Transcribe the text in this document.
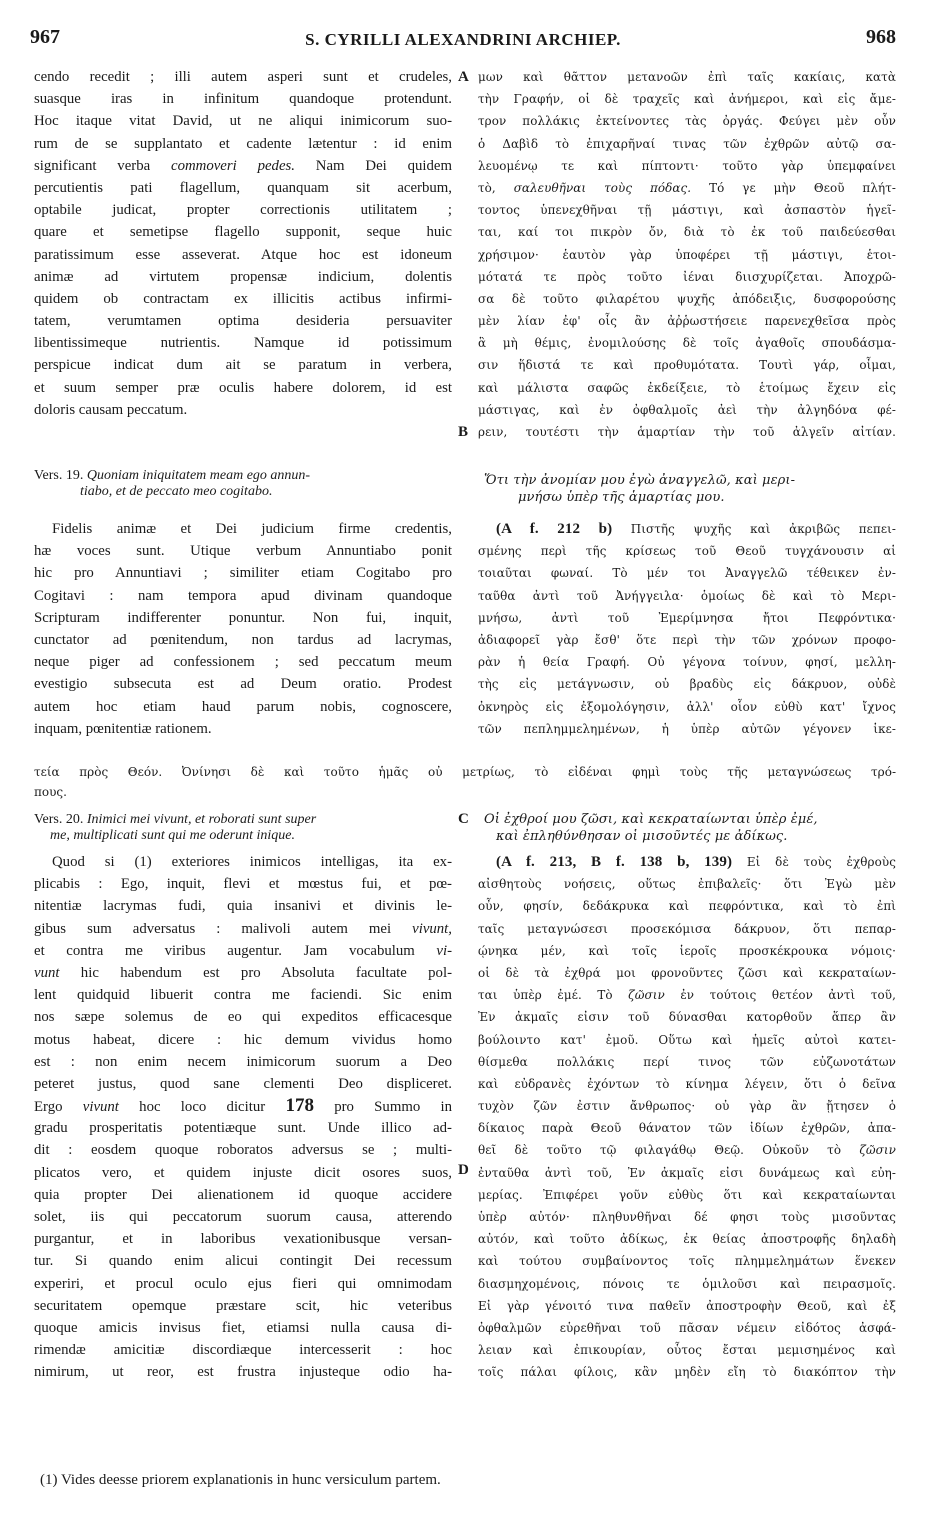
967	S. CYRILLI ALEXANDRINI ARCHIEP.	968
A
B
C
D
cendo recedit ; illi autem asperi sunt et crudeles,
suasque iras in infinitum quandoque protendunt.
Hoc itaque vitat David, ut ne aliqui inimicorum suo-
rum de se supplantato et cadente lætentur : id enim
significant verba commoveri pedes. Nam Dei quidem
percutientis pati flagellum, quanquam sit acerbum,
optabile judicat, propter correctionis utilitatem ;
quare et semetipse flagello supponit, seque huic
paratissimum esse asseverat. Atque hoc est idoneum
animæ ad virtutem propensæ indicium, dolentis
quidem ob contractam ex illicitis actibus infirmi-
tatem, verumtamen optima desideria persuaviter
libentissimeque nutrientis. Namque id potissimum
perspicue indicat dum ait se paratum in verbera,
et suum semper præ oculis habere dolorem, id est
doloris causam peccatum.
Vers. 19. Quoniam iniquitatem meam ego annun-
tiabo, et de peccato meo cogitabo.
Fidelis animæ et Dei judicium firme credentis,
hæ voces sunt. Utique verbum Annuntiabo ponit
hic pro Annuntiavi ; similiter etiam Cogitabo pro
Cogitavi : nam tempora apud divinam quandoque
Scripturam indifferenter ponuntur. Non fui, inquit,
cunctator ad pœnitendum, non tardus ad lacrymas,
neque piger ad confessionem ; sed peccatum meum
evestigio subsecuta est ad Deum oratio. Prodest
autem hoc etiam haud parum nobis, cognoscere,
inquam, pœnitentiæ rationem.
τεία πρὸς Θεόν. Ὀνίνησι δὲ καὶ τοῦτο ἡμᾶς οὐ μετρίως, τὸ εἰδέναι φημὶ τοὺς τῆς μεταγνώσεως τρό-
πους.
Vers. 20. Inimici mei vivunt, et roborati sunt super
me, multiplicati sunt qui me oderunt inique.
Quod si (1) exteriores inimicos intelligas, ita ex-
plicabis : Ego, inquit, flevi et mœstus fui, et pœ-
nitentiæ lacrymas fudi, quia insanivi et divinis le-
gibus sum adversatus : malivoli autem mei vivunt,
et contra me viribus augentur. Jam vocabulum vi-
vunt hic habendum est pro Absoluta facultate pol-
lent quidquid libuerit contra me faciendi. Sic enim
nos sæpe solemus de eo qui expeditos efficacesque
motus habeat, dicere : hic demum vividus homo
est : non enim necem inimicorum suorum a Deo
peteret justus, quod sane clementi Deo displiceret.
Ergo vivunt hoc loco dicitur 178 pro Summo in
gradu prosperitatis potentiæque sunt. Unde illico ad-
dit : eosdem quoque roboratos adversus se ; multi-
plicatos vero, et quidem injuste dicit osores suos,
quia propter Dei alienationem id quoque accidere
solet, iis qui peccatorum suorum causa, atterendo
purgantur, et in laboribus vexationibusque versan-
tur. Si quando enim alicui contingit Dei recessum
experiri, et procul oculo ejus fieri qui omnimodam
securitatem opemque præstare scit, hic veteribus
quoque amicis invisus fiet, etiamsi nulla causa di-
rimendæ amicitiæ discordiæque intercesserit : hoc
nimirum, ut reor, est frustra injusteque odio ha-
μων καὶ θᾶττον μετανοῶν ἐπὶ ταῖς κακίαις, κατὰ
τὴν Γραφήν, οἱ δὲ τραχεῖς καὶ ἀνήμεροι, καὶ εἰς ἄμε-
τρον πολλάκις ἐκτείνοντες τὰς ὀργάς. Φεύγει μὲν οὖν
ὁ Δαβὶδ τὸ ἐπιχαρῆναί τινας τῶν ἐχθρῶν αὐτῷ σα-
λευομένῳ τε καὶ πίπτοντι· τοῦτο γὰρ ὑπεμφαίνει
τὸ, σαλευθῆναι τοὺς πόδας. Τό γε μὴν Θεοῦ πλήτ-
τοντος ὑπενεχθῆναι τῇ μάστιγι, καὶ ἀσπαστὸν ἡγεῖ-
ται, καί τοι πικρὸν ὄν, διὰ τὸ ἐκ τοῦ παιδεύεσθαι
χρήσιμον· ἑαυτὸν γὰρ ὑποφέρει τῇ μάστιγι, ἑτοι-
μότατά τε πρὸς τοῦτο ἰέναι διισχυρίζεται. Ἀποχρῶ-
σα δὲ τοῦτο φιλαρέτου ψυχῆς ἀπόδειξις, δυσφορούσης
μὲν λίαν ἐφ' οἷς ἂν ἀῤῥωστήσειε παρενεχθεῖσα πρὸς
ἃ μὴ θέμις, ἐνομιλούσης δὲ τοῖς ἀγαθοῖς σπουδάσμα-
σιν ἥδιστά τε καὶ προθυμότατα. Τουτὶ γάρ, οἶμαι,
καὶ μάλιστα σαφῶς ἐκδείξειε, τὸ ἑτοίμως ἔχειν εἰς
μάστιγας, καὶ ἐν ὀφθαλμοῖς ἀεὶ τὴν ἀλγηδόνα φέ-
ρειν, τουτέστι τὴν ἁμαρτίαν τὴν τοῦ ἀλγεῖν αἰτίαν.
Ὅτι τὴν ἀνομίαν μου ἐγὼ ἀναγγελῶ, καὶ μερι-
μνήσω ὑπὲρ τῆς ἁμαρτίας μου.
(A f. 212 b) Πιστῆς ψυχῆς καὶ ἀκριβῶς πεπει-
σμένης περὶ τῆς κρίσεως τοῦ Θεοῦ τυγχάνουσιν αἱ
τοιαῦται φωναί. Τὸ μέν τοι Ἀναγγελῶ τέθεικεν ἐν-
ταῦθα ἀντὶ τοῦ Ἀνήγγειλα· ὁμοίως δὲ καὶ τὸ Μερι-
μνήσω, ἀντὶ τοῦ Ἐμερίμνησα ἤτοι Πεφρόντικα·
ἀδιαφορεῖ γὰρ ἔσθ' ὅτε περὶ τὴν τῶν χρόνων προφο-
ρὰν ἡ θεία Γραφή. Οὐ γέγονα τοίνυν, φησί, μελλη-
τὴς εἰς μετάγνωσιν, οὐ βραδὺς εἰς δάκρυον, οὐδὲ
ὀκνηρὸς εἰς ἐξομολόγησιν, ἀλλ' οἷον εὐθὺ κατ' ἴχνος
τῶν πεπλημμελημένων, ἡ ὑπὲρ αὐτῶν γέγονεν ἱκε-
Οἱ ἐχθροί μου ζῶσι, καὶ κεκραταίωνται ὑπὲρ ἐμέ,
καὶ ἐπληθύνθησαν οἱ μισοῦντές με ἀδίκως.
(A f. 213, B f. 138 b, 139) Εἰ δὲ τοὺς ἐχθροὺς
αἰσθητοὺς νοήσεις, οὕτως ἐπιβαλεῖς· ὅτι Ἐγὼ μὲν
οὖν, φησίν, δεδάκρυκα καὶ πεφρόντικα, καὶ τὸ ἐπὶ
ταῖς μεταγνώσεσι προσεκόμισα δάκρυον, ὅτι πεπαρ-
ῴνηκα μέν, καὶ τοῖς ἱεροῖς προσκέκρουκα νόμοις·
οἱ δὲ τὰ ἐχθρά μοι φρονοῦντες ζῶσι καὶ κεκραταίων-
ται ὑπὲρ ἐμέ. Τὸ ζῶσιν ἐν τούτοις θετέον ἀντὶ τοῦ,
Ἐν ἀκμαῖς εἰσιν τοῦ δύνασθαι κατορθοῦν ἅπερ ἂν
βούλοιντο κατ' ἐμοῦ. Οὕτω καὶ ἡμεῖς αὐτοὶ κατει-
θίσμεθα πολλάκις περί τινος τῶν εὐζωνοτάτων
καὶ εὐδρανὲς ἐχόντων τὸ κίνημα λέγειν, ὅτι ὁ δεῖνα
τυχὸν ζῶν ἐστιν ἄνθρωπος· οὐ γὰρ ἂν ᾔτησεν ὁ
δίκαιος παρὰ Θεοῦ θάνατον τῶν ἰδίων ἐχθρῶν, ἀπα-
θεῖ δὲ τοῦτο τῷ φιλαγάθῳ Θεῷ. Οὐκοῦν τὸ ζῶσιν
ἐνταῦθα ἀντὶ τοῦ, Ἐν ἀκμαῖς εἰσι δυνάμεως καὶ εὐη-
μερίας. Ἐπιφέρει γοῦν εὐθὺς ὅτι καὶ κεκραταίωνται
ὑπὲρ αὐτόν· πληθυνθῆναι δέ φησι τοὺς μισοῦντας
αὐτόν, καὶ τοῦτο ἀδίκως, ἐκ θείας ἀποστροφῆς δηλαδὴ
καὶ τούτου συμβαίνοντος τοῖς πλημμελημάτων ἕνεκεν
διασμηχομένοις, πόνοις τε ὁμιλοῦσι καὶ πειρασμοῖς.
Εἰ γὰρ γένοιτό τινα παθεῖν ἀποστροφὴν Θεοῦ, καὶ ἐξ
ὀφθαλμῶν εὑρεθῆναι τοῦ πᾶσαν νέμειν εἰδότος ἀσφά-
λειαν καὶ ἐπικουρίαν, οὗτος ἔσται μεμισημένος καὶ
τοῖς πάλαι φίλοις, κἂν μηδὲν εἴη τὸ διακόπτον τὴν
(1) Vides deesse priorem explanationis in hunc versiculum partem.
